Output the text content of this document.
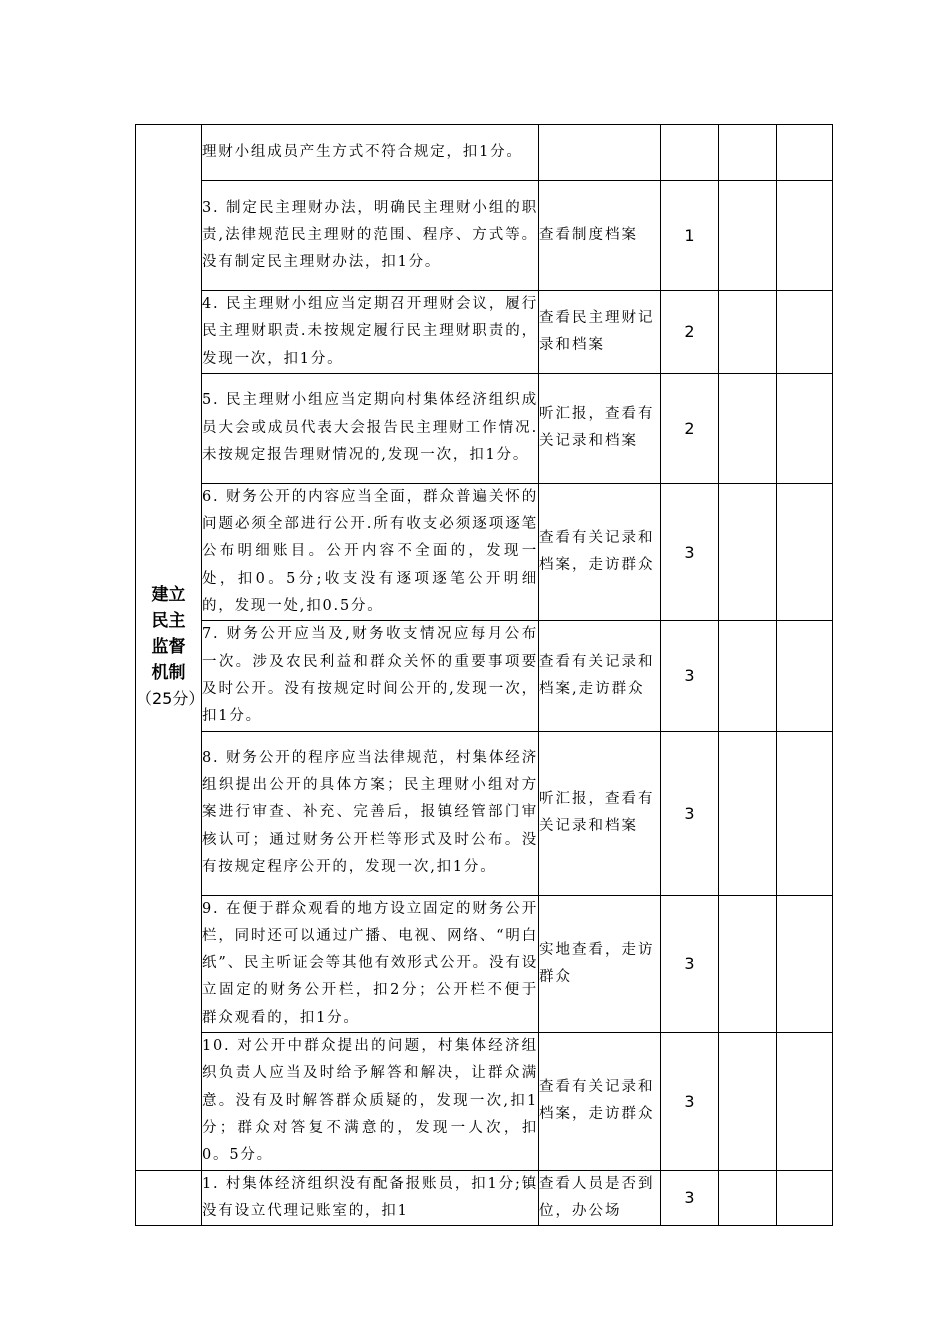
建立
民主
监督
机制
（25分）	理财小组成员产生方式不符合规定，扣1分。				

	3. 制定民主理财办法，明确民主理财小组的职责,法律规范民主理财的范围、程序、方式等。没有制定民主理财办法，扣1分。	查看制度档案	1		

	4. 民主理财小组应当定期召开理财会议，履行民主理财职责.未按规定履行民主理财职责的，发现一次，扣1分。	查看民主理财记录和档案	2		

	5. 民主理财小组应当定期向村集体经济组织成员大会或成员代表大会报告民主理财工作情况.未按规定报告理财情况的,发现一次，扣1分。	听汇报，查看有关记录和档案	2		

	6. 财务公开的内容应当全面，群众普遍关怀的问题必须全部进行公开.所有收支必须逐项逐笔公布明细账目。公开内容不全面的，发现一处，扣0。5分;收支没有逐项逐笔公开明细的，发现一处,扣0.5分。	查看有关记录和档案，走访群众	3		

	7. 财务公开应当及,财务收支情况应每月公布一次。涉及农民利益和群众关怀的重要事项要及时公开。没有按规定时间公开的,发现一次，扣1分。	查看有关记录和档案,走访群众	3		

	8. 财务公开的程序应当法律规范，村集体经济组织提出公开的具体方案；民主理财小组对方案进行审查、补充、完善后，报镇经管部门审核认可；通过财务公开栏等形式及时公布。没有按规定程序公开的，发现一次,扣1分。	听汇报，查看有关记录和档案	3		

	9. 在便于群众观看的地方设立固定的财务公开栏，同时还可以通过广播、电视、网络、“明白纸”、民主听证会等其他有效形式公开。没有设立固定的财务公开栏，扣2分；公开栏不便于群众观看的，扣1分。	实地查看，走访群众	3		

	10. 对公开中群众提出的问题，村集体经济组织负责人应当及时给予解答和解决，让群众满意。没有及时解答群众质疑的，发现一次,扣1分；群众对答复不满意的，发现一人次，扣0。5分。	查看有关记录和档案，走访群众	3		

	1. 村集体经济组织没有配备报账员，扣1分;镇没有设立代理记账室的，扣1	查看人员是否到位，办公场	3		
